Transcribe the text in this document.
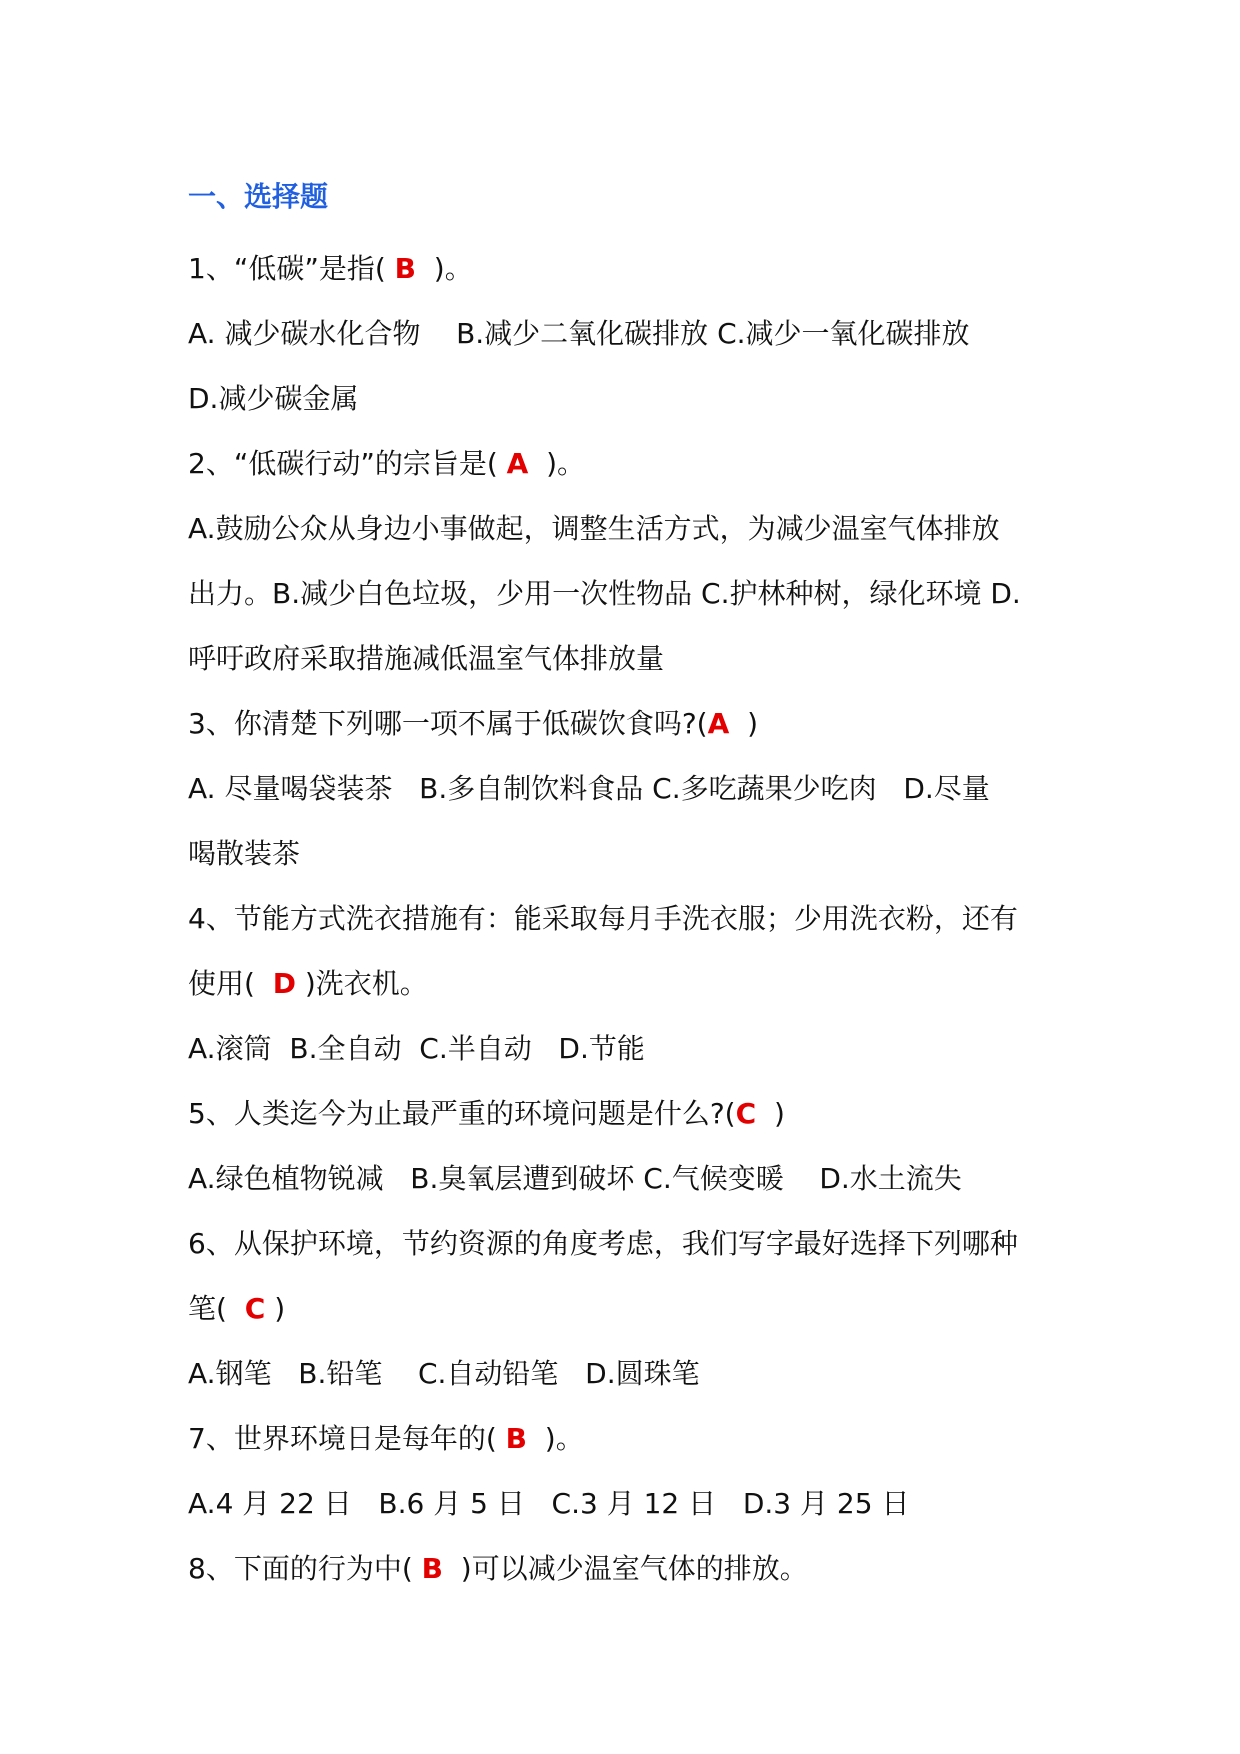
一、选择题
1、“低碳”是指( B  )。
A. 减少碳水化合物    B.减少二氧化碳排放 C.减少一氧化碳排放
D.减少碳金属
2、“低碳行动”的宗旨是( A  )。
A.鼓励公众从身边小事做起，调整生活方式，为减少温室气体排放
出力。B.减少白色垃圾，少用一次性物品 C.护林种树，绿化环境 D.
呼吁政府采取措施减低温室气体排放量
3、你清楚下列哪一项不属于低碳饮食吗?(A  )
A. 尽量喝袋装茶   B.多自制饮料食品 C.多吃蔬果少吃肉   D.尽量
喝散装茶
4、节能方式洗衣措施有：能采取每月手洗衣服；少用洗衣粉，还有
使用(  D )洗衣机。
A.滚筒  B.全自动  C.半自动   D.节能
5、人类迄今为止最严重的环境问题是什么?(C  )
A.绿色植物锐减   B.臭氧层遭到破坏 C.气候变暖    D.水土流失
6、从保护环境，节约资源的角度考虑，我们写字最好选择下列哪种
笔(  C )
A.钢笔   B.铅笔    C.自动铅笔   D.圆珠笔
7、世界环境日是每年的( B  )。
A.4 月 22 日   B.6 月 5 日   C.3 月 12 日   D.3 月 25 日
8、下面的行为中( B  )可以减少温室气体的排放。
